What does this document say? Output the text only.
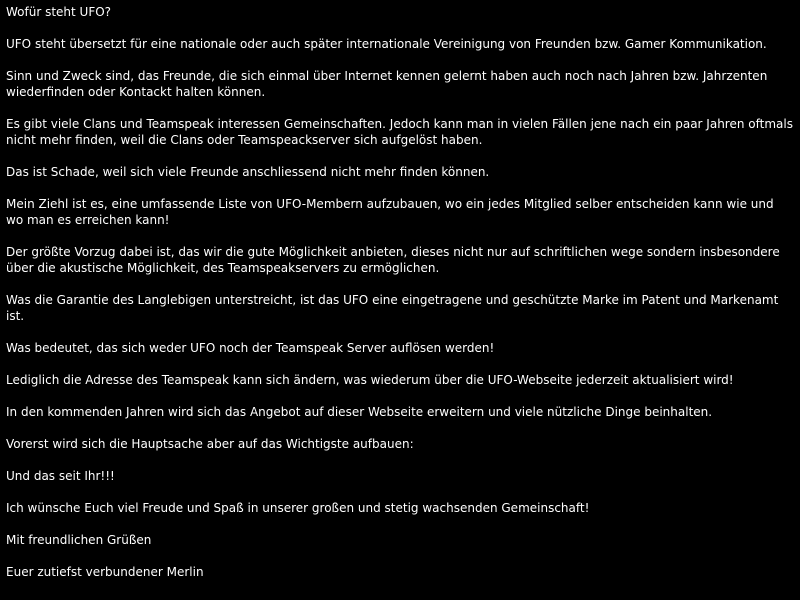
Wofür steht UFO?

UFO steht übersetzt für eine nationale oder auch später internationale Vereinigung von Freunden bzw. Gamer Kommunikation.

Sinn und Zweck sind, das Freunde, die sich einmal über Internet kennen gelernt haben auch noch nach Jahren bzw. Jahrzenten wiederfinden oder Kontackt halten können.

Es gibt viele Clans und Teamspeak interessen Gemeinschaften. Jedoch kann man in vielen Fällen jene nach ein paar Jahren oftmals nicht mehr finden, weil die Clans oder Teamspeackserver sich aufgelöst haben.

Das ist Schade, weil sich viele Freunde anschliessend nicht mehr finden können.

Mein Ziehl ist es, eine umfassende Liste von UFO-Membern aufzubauen, wo ein jedes Mitglied selber entscheiden kann wie und wo man es erreichen kann!

Der größte Vorzug dabei ist, das wir die gute Möglichkeit anbieten, dieses nicht nur auf schriftlichen wege sondern insbesondere über die akustische Möglichkeit, des Teamspeakservers zu ermöglichen.

Was die Garantie des Langlebigen unterstreicht, ist das UFO eine eingetragene und geschützte Marke im Patent und Markenamt ist.

Was bedeutet, das sich weder UFO noch der Teamspeak Server auflösen werden!

Lediglich die Adresse des Teamspeak kann sich ändern, was wiederum über die UFO-Webseite jederzeit aktualisiert wird!

In den kommenden Jahren wird sich das Angebot auf dieser Webseite erweitern und viele nützliche Dinge beinhalten.

Vorerst wird sich die Hauptsache aber auf das Wichtigste aufbauen:

Und das seit Ihr!!!

Ich wünsche Euch viel Freude und Spaß in unserer großen und stetig wachsenden Gemeinschaft!

Mit freundlichen Grüßen

Euer zutiefst verbundener Merlin
